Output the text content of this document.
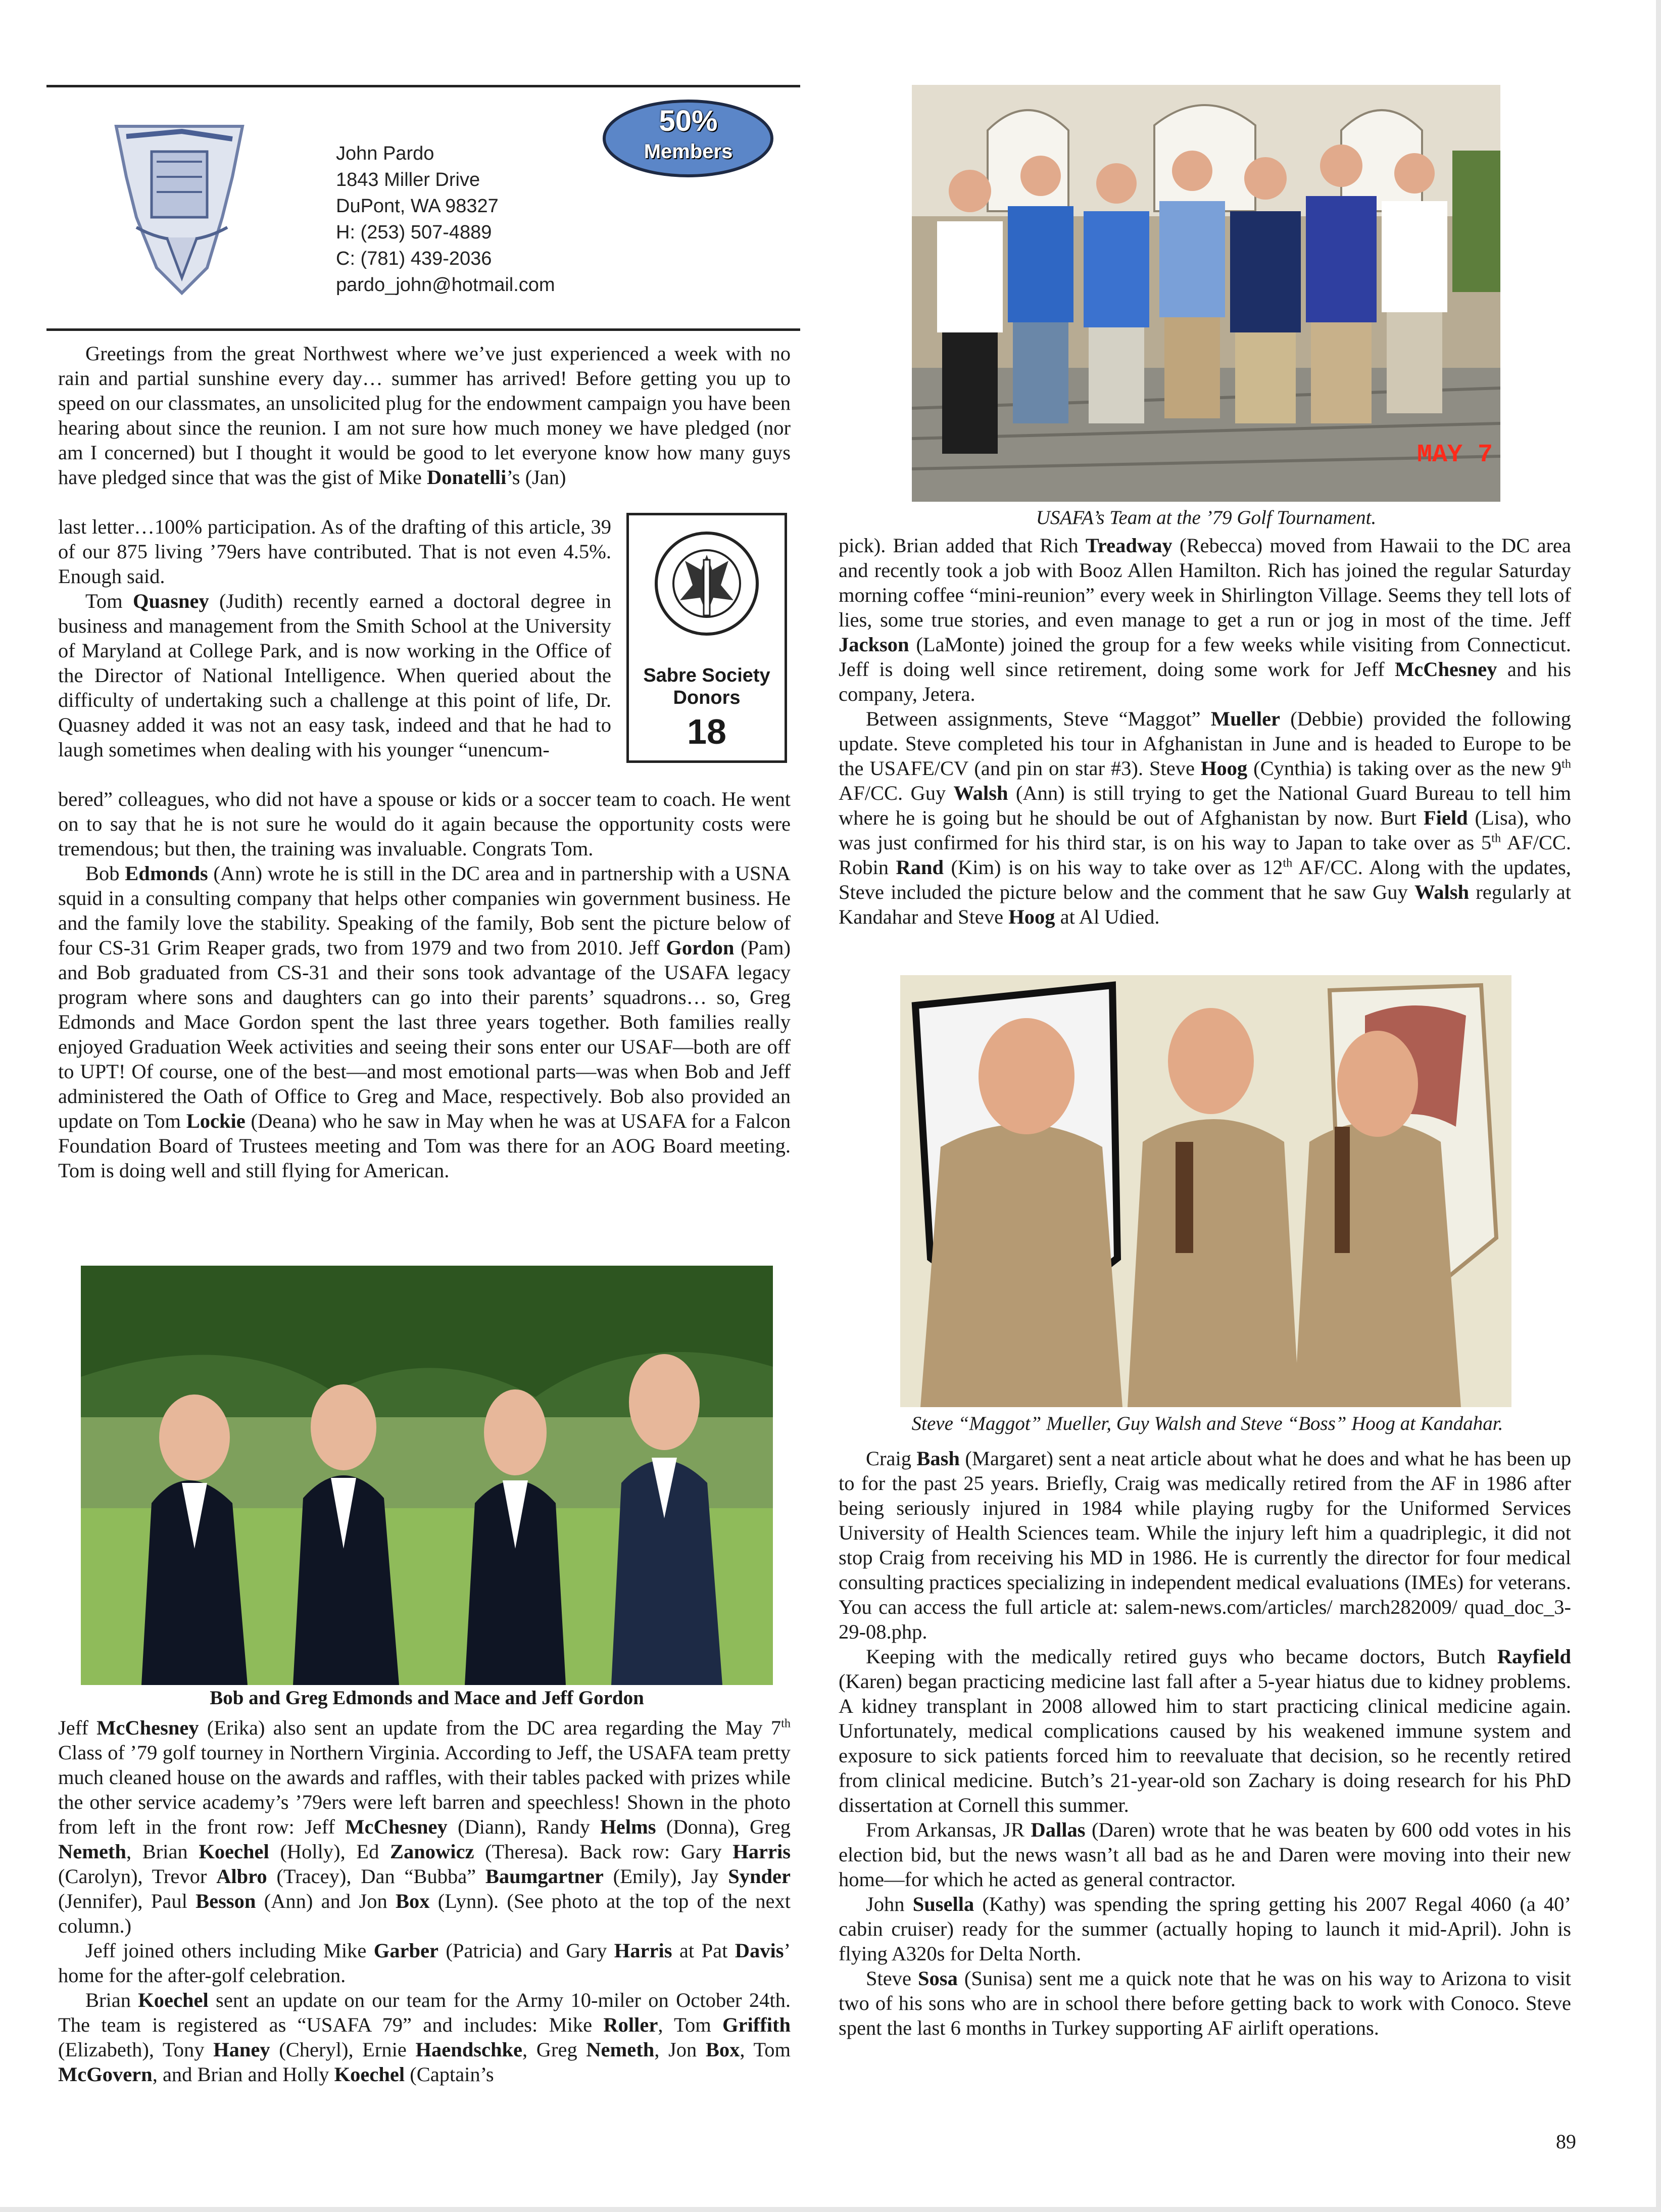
John Pardo
1843 Miller Drive
DuPont, WA 98327
H: (253) 507-4889
C: (781) 439-2036
pardo_john@hotmail.com
50%
Members
Sabre Society
Donors
18

Greetings from the great Northwest where we’ve just experienced a week with no rain and partial sunshine every day… summer has arrived! Before getting you up to speed on our classmates, an unsolicited plug for the endowment campaign you have been hearing about since the reunion. I am not sure how much money we have pledged (nor am I concerned) but I thought it would be good to let everyone know how many guys have pledged since that was the gist of Mike Donatelli’s (Jan)

last letter…100% participation. As of the drafting of this article, 39 of our 875 living ’79ers have contributed. That is not even 4.5%. Enough said.

Tom Quasney (Judith) recently earned a doctoral degree in business and management from the Smith School at the University of Maryland at College Park, and is now working in the Office of the Director of National Intelligence. When queried about the difficulty of undertaking such a challenge at this point of life, Dr. Quasney added it was not an easy task, indeed and that he had to laugh sometimes when dealing with his younger “unencum-

bered” colleagues, who did not have a spouse or kids or a soccer team to coach. He went on to say that he is not sure he would do it again because the opportunity costs were tremendous; but then, the training was invaluable. Congrats Tom.

Bob Edmonds (Ann) wrote he is still in the DC area and in partnership with a USNA squid in a consulting company that helps other companies win government business. He and the family love the stability. Speaking of the family, Bob sent the picture below of four CS-31 Grim Reaper grads, two from 1979 and two from 2010. Jeff Gordon (Pam) and Bob graduated from CS-31 and their sons took advantage of the USAFA legacy program where sons and daughters can go into their parents’ squadrons… so, Greg Edmonds and Mace Gordon spent the last three years together. Both families really enjoyed Graduation Week activities and seeing their sons enter our USAF—both are off to UPT! Of course, one of the best—and most emotional parts—was when Bob and Jeff administered the Oath of Office to Greg and Mace, respectively. Bob also provided an update on Tom Lockie (Deana) who he saw in May when he was at USAFA for a Falcon Foundation Board of Trustees meeting and Tom was there for an AOG Board meeting. Tom is doing well and still flying for American.

Bob and Greg Edmonds and Mace and Jeff Gordon

Jeff McChesney (Erika) also sent an update from the DC area regarding the May 7th Class of ’79 golf tourney in Northern Virginia. According to Jeff, the USAFA team pretty much cleaned house on the awards and raffles, with their tables packed with prizes while the other service academy’s ’79ers were left barren and speechless! Shown in the photo from left in the front row: Jeff McChesney (Diann), Randy Helms (Donna), Greg Nemeth, Brian Koechel (Holly), Ed Zanowicz (Theresa). Back row: Gary Harris (Carolyn), Trevor Albro (Tracey), Dan “Bubba” Baumgartner (Emily), Jay Synder (Jennifer), Paul Besson (Ann) and Jon Box (Lynn). (See photo at the top of the next column.)

Jeff joined others including Mike Garber (Patricia) and Gary Harris at Pat Davis’ home for the after-golf celebration.

Brian Koechel sent an update on our team for the Army 10-miler on October 24th. The team is registered as “USAFA 79” and includes: Mike Roller, Tom Griffith (Elizabeth), Tony Haney (Cheryl), Ernie Haendschke, Greg Nemeth, Jon Box, Tom McGovern, and Brian and Holly Koechel (Captain’s

MAY 7
USAFA’s Team at the ’79 Golf Tournament.

pick). Brian added that Rich Treadway (Rebecca) moved from Hawaii to the DC area and recently took a job with Booz Allen Hamilton. Rich has joined the regular Saturday morning coffee “mini-reunion” every week in Shirlington Village. Seems they tell lots of lies, some true stories, and even manage to get a run or jog in most of the time. Jeff Jackson (LaMonte) joined the group for a few weeks while visiting from Connecticut. Jeff is doing well since retirement, doing some work for Jeff McChesney and his company, Jetera.

Between assignments, Steve “Maggot” Mueller (Debbie) provided the following update. Steve completed his tour in Afghanistan in June and is headed to Europe to be the USAFE/CV (and pin on star #3). Steve Hoog (Cynthia) is taking over as the new 9th AF/CC. Guy Walsh (Ann) is still trying to get the National Guard Bureau to tell him where he is going but he should be out of Afghanistan by now. Burt Field (Lisa), who was just confirmed for his third star, is on his way to Japan to take over as 5th AF/CC. Robin Rand (Kim) is on his way to take over as 12th AF/CC. Along with the updates, Steve included the picture below and the comment that he saw Guy Walsh regularly at Kandahar and Steve Hoog at Al Udied.

Steve “Maggot” Mueller, Guy Walsh and Steve “Boss” Hoog at Kandahar.

Craig Bash (Margaret) sent a neat article about what he does and what he has been up to for the past 25 years. Briefly, Craig was medically retired from the AF in 1986 after being seriously injured in 1984 while playing rugby for the Uniformed Services University of Health Sciences team. While the injury left him a quadriplegic, it did not stop Craig from receiving his MD in 1986. He is currently the director for four medical consulting practices specializing in independent medical evaluations (IMEs) for veterans. You can access the full article at: salem-news.com/articles/ march282009/ quad_doc_3-29-08.php.

Keeping with the medically retired guys who became doctors, Butch Rayfield (Karen) began practicing medicine last fall after a 5-year hiatus due to kidney problems. A kidney transplant in 2008 allowed him to start practicing clinical medicine again. Unfortunately, medical complications caused by his weakened immune system and exposure to sick patients forced him to reevaluate that decision, so he recently retired from clinical medicine. Butch’s 21-year-old son Zachary is doing research for his PhD dissertation at Cornell this summer.

From Arkansas, JR Dallas (Daren) wrote that he was beaten by 600 odd votes in his election bid, but the news wasn’t all bad as he and Daren were moving into their new home—for which he acted as general contractor.

John Susella (Kathy) was spending the spring getting his 2007 Regal 4060 (a 40’ cabin cruiser) ready for the summer (actually hoping to launch it mid-April). John is flying A320s for Delta North.

Steve Sosa (Sunisa) sent me a quick note that he was on his way to Arizona to visit two of his sons who are in school there before getting back to work with Conoco. Steve spent the last 6 months in Turkey supporting AF airlift operations.

89
